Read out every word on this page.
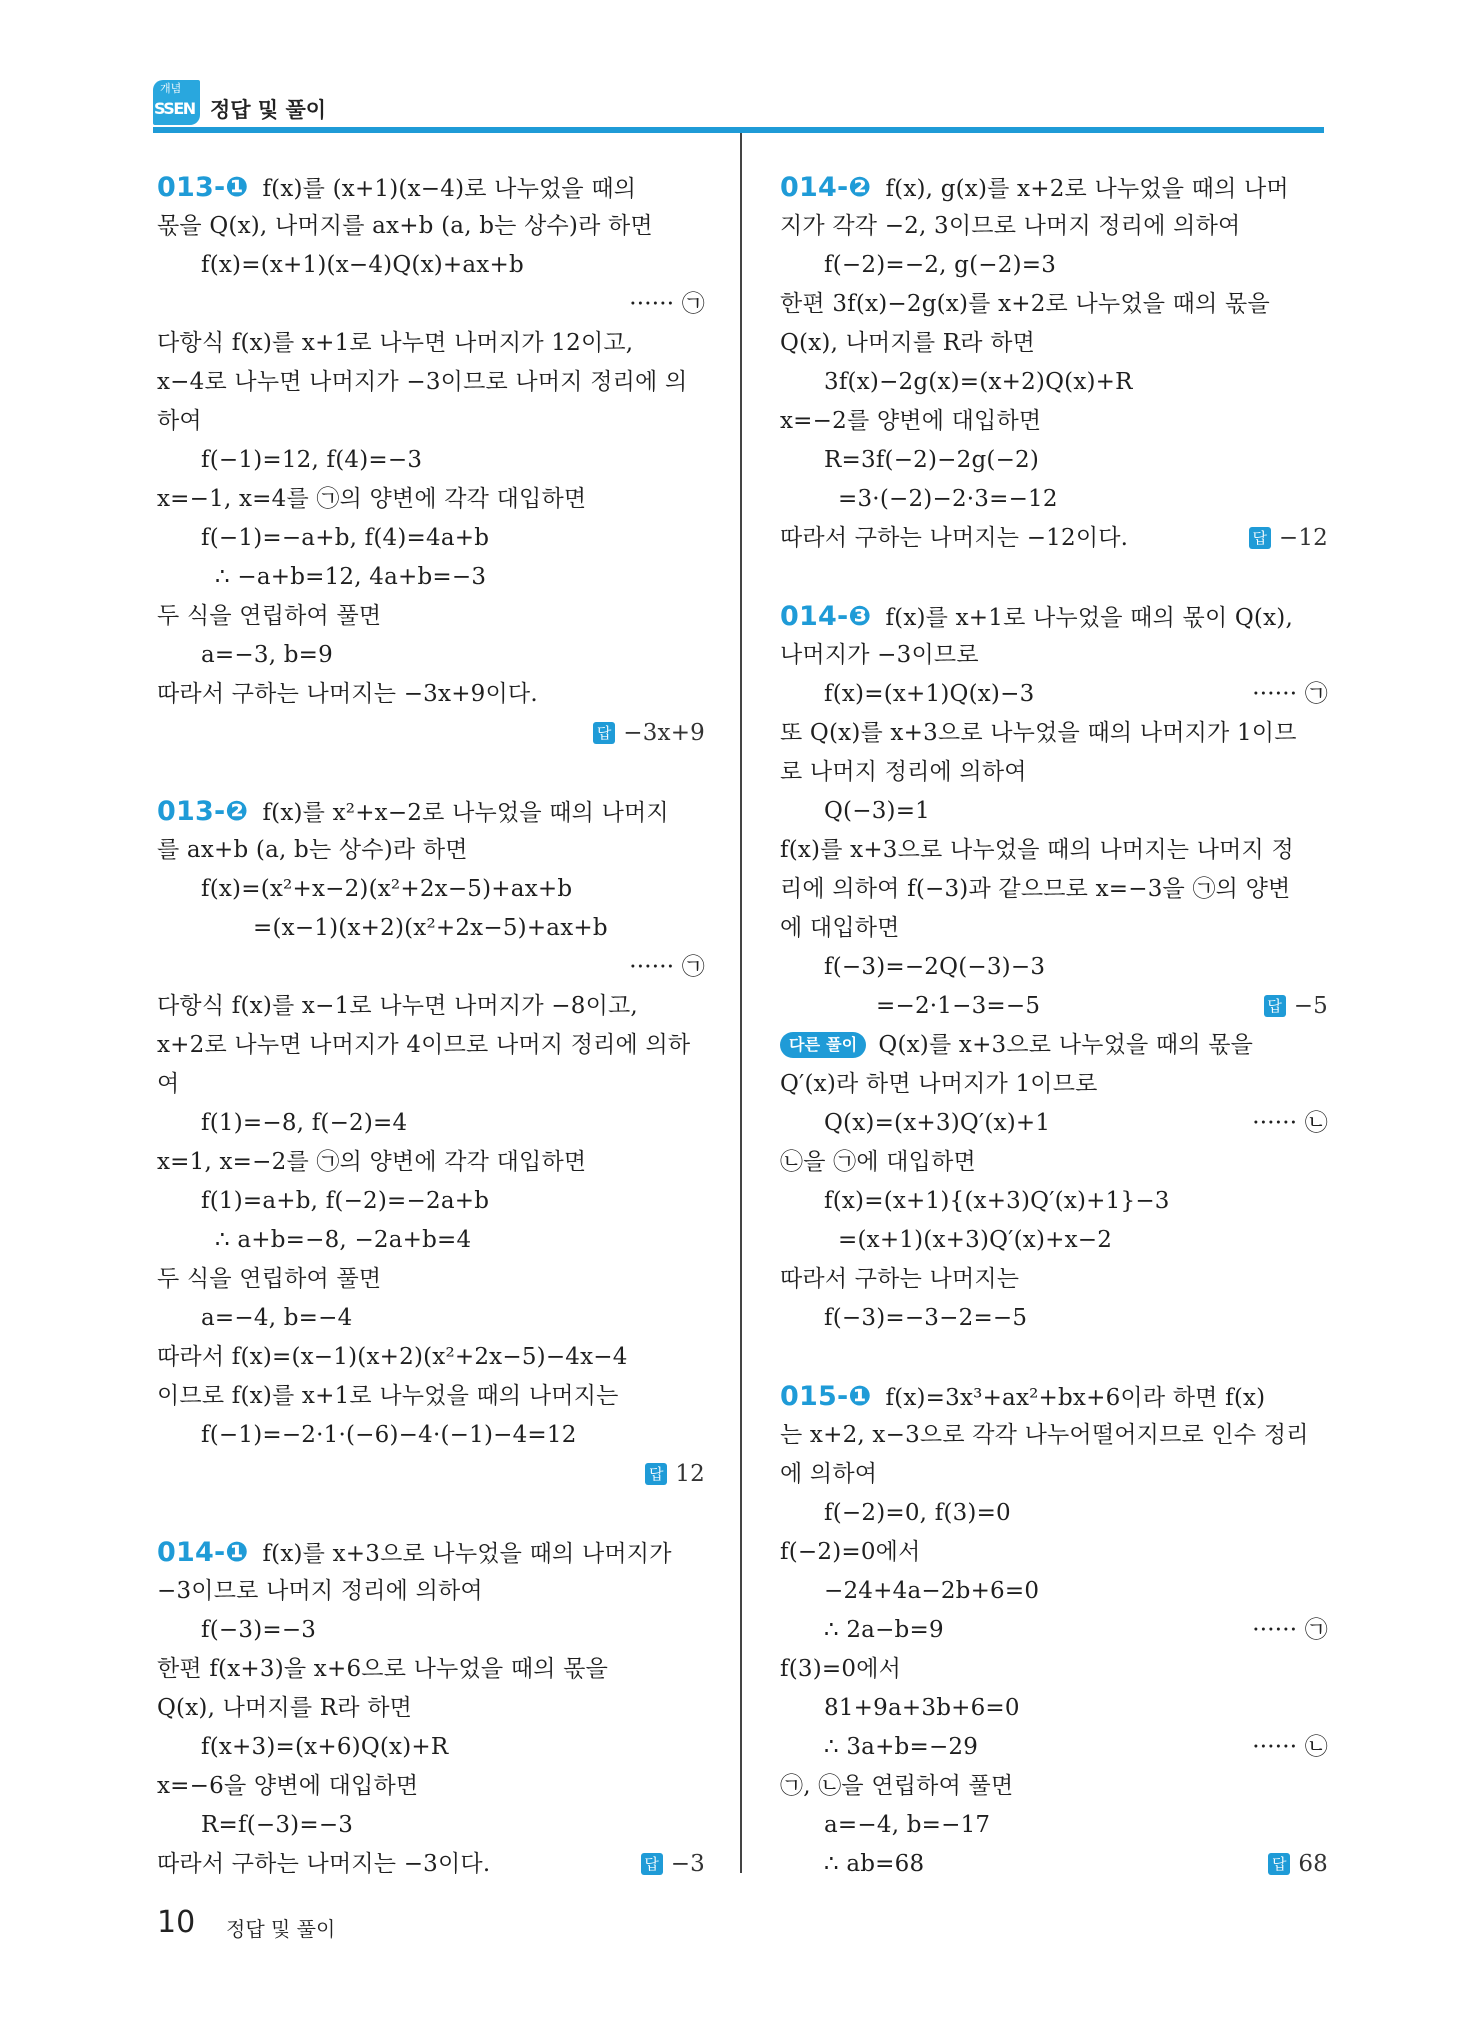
개념
SSEN 정답 및 풀이
013-❶ f(x)를 (x+1)(x−4)로 나누었을 때의
몫을 Q(x), 나머지를 ax+b (a, b는 상수)라 하면
f(x)=(x+1)(x−4)Q(x)+ax+b
······ ㉠
다항식 f(x)를 x+1로 나누면 나머지가 12이고,
x−4로 나누면 나머지가 −3이므로 나머지 정리에 의
하여
f(−1)=12, f(4)=−3
x=−1, x=4를 ㉠의 양변에 각각 대입하면
f(−1)=−a+b, f(4)=4a+b
∴ −a+b=12, 4a+b=−3
두 식을 연립하여 풀면
a=−3, b=9
따라서 구하는 나머지는 −3x+9이다.
답 −3x+9
013-❷ f(x)를 x²+x−2로 나누었을 때의 나머지
를 ax+b (a, b는 상수)라 하면
f(x)=(x²+x−2)(x²+2x−5)+ax+b
=(x−1)(x+2)(x²+2x−5)+ax+b
······ ㉠
다항식 f(x)를 x−1로 나누면 나머지가 −8이고,
x+2로 나누면 나머지가 4이므로 나머지 정리에 의하
여
f(1)=−8, f(−2)=4
x=1, x=−2를 ㉠의 양변에 각각 대입하면
f(1)=a+b, f(−2)=−2a+b
∴ a+b=−8, −2a+b=4
두 식을 연립하여 풀면
a=−4, b=−4
따라서 f(x)=(x−1)(x+2)(x²+2x−5)−4x−4
이므로 f(x)를 x+1로 나누었을 때의 나머지는
f(−1)=−2·1·(−6)−4·(−1)−4=12
답 12
014-❶ f(x)를 x+3으로 나누었을 때의 나머지가
−3이므로 나머지 정리에 의하여
f(−3)=−3
한편 f(x+3)을 x+6으로 나누었을 때의 몫을
Q(x), 나머지를 R라 하면
f(x+3)=(x+6)Q(x)+R
x=−6을 양변에 대입하면
R=f(−3)=−3
따라서 구하는 나머지는 −3이다.	답 −3
014-❷ f(x), g(x)를 x+2로 나누었을 때의 나머
지가 각각 −2, 3이므로 나머지 정리에 의하여
f(−2)=−2, g(−2)=3
한편 3f(x)−2g(x)를 x+2로 나누었을 때의 몫을
Q(x), 나머지를 R라 하면
3f(x)−2g(x)=(x+2)Q(x)+R
x=−2를 양변에 대입하면
R=3f(−2)−2g(−2)
=3·(−2)−2·3=−12
따라서 구하는 나머지는 −12이다.	답 −12
014-❸ f(x)를 x+1로 나누었을 때의 몫이 Q(x),
나머지가 −3이므로
f(x)=(x+1)Q(x)−3	······ ㉠
또 Q(x)를 x+3으로 나누었을 때의 나머지가 1이므
로 나머지 정리에 의하여
Q(−3)=1
f(x)를 x+3으로 나누었을 때의 나머지는 나머지 정
리에 의하여 f(−3)과 같으므로 x=−3을 ㉠의 양변
에 대입하면
f(−3)=−2Q(−3)−3
=−2·1−3=−5	답 −5
다른 풀이 Q(x)를 x+3으로 나누었을 때의 몫을
Q′(x)라 하면 나머지가 1이므로
Q(x)=(x+3)Q′(x)+1	······ ㉡
㉡을 ㉠에 대입하면
f(x)=(x+1){(x+3)Q′(x)+1}−3
=(x+1)(x+3)Q′(x)+x−2
따라서 구하는 나머지는
f(−3)=−3−2=−5
015-❶ f(x)=3x³+ax²+bx+6이라 하면 f(x)
는 x+2, x−3으로 각각 나누어떨어지므로 인수 정리
에 의하여
f(−2)=0, f(3)=0
f(−2)=0에서
−24+4a−2b+6=0
∴ 2a−b=9	······ ㉠
f(3)=0에서
81+9a+3b+6=0
∴ 3a+b=−29	······ ㉡
㉠, ㉡을 연립하여 풀면
a=−4, b=−17
∴ ab=68	답 68
10 정답 및 풀이
